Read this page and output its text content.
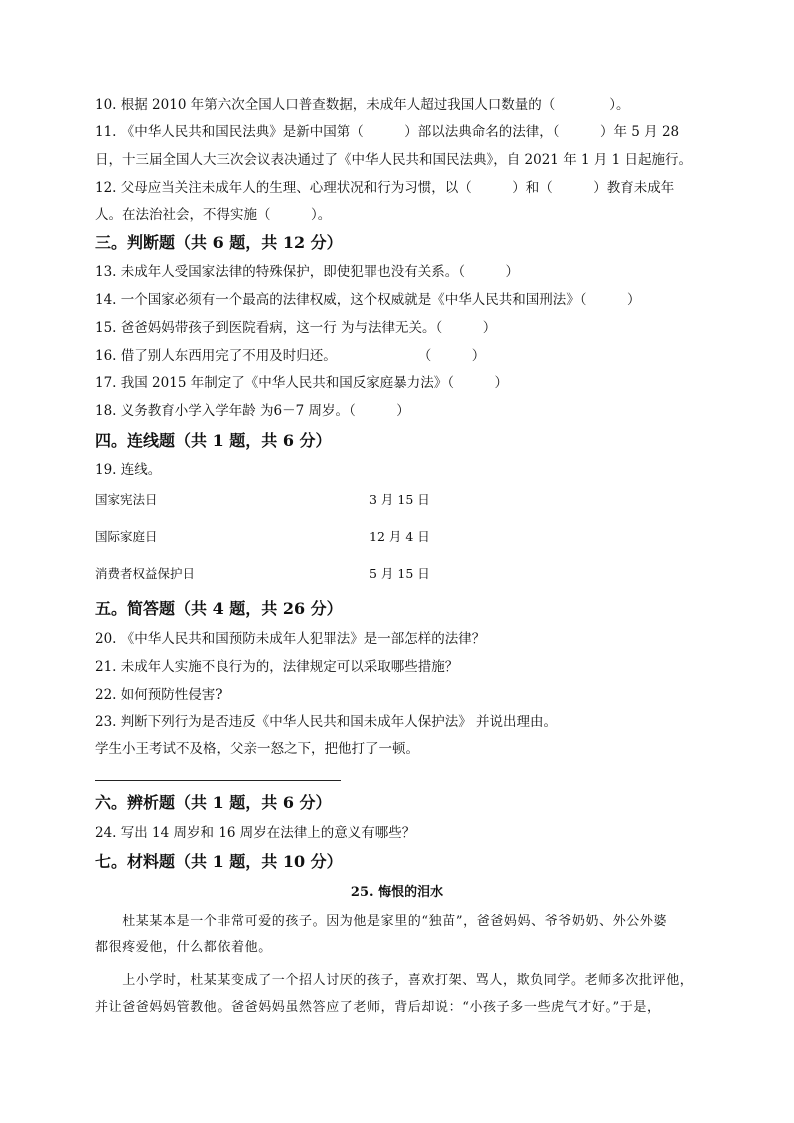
10. 根据 2010 年第六次全国人口普查数据，未成年人超过我国人口数量的（　　　　）。
11. 《中华人民共和国民法典》是新中国第（　　　）部以法典命名的法律，（　　　）年 5 月 28
日，十三届全国人大三次会议表决通过了《中华人民共和国民法典》，自 2021 年 1 月 1 日起施行。
12. 父母应当关注未成年人的生理、心理状况和行为习惯，以（　　　）和（　　　）教育未成年
人。在法治社会，不得实施（　　　）。
三。判断题（共 6 题，共 12 分）
13. 未成年人受国家法律的特殊保护，即使犯罪也没有关系。（　　　）
14. 一个国家必须有一个最高的法律权威，这个权威就是《中华人民共和国刑法》（　　　）
15. 爸爸妈妈带孩子到医院看病，这一行 为与法律无关。（　　　）
16. 借了别人东西用完了不用及时归还。　　　　　　　（　　　）
17. 我国 2015 年制定了《中华人民共和国反家庭暴力法》（　　　）
18. 义务教育小学入学年龄 为6－7 周岁。（　　　）
四。连线题（共 1 题，共 6 分）
19. 连线。
国家宪法日	3 月 15 日
国际家庭日	12 月 4 日
消费者权益保护日	5 月 15 日
五。简答题（共 4 题，共 26 分）
20. 《中华人民共和国预防未成年人犯罪法》是一部怎样的法律？
21. 未成年人实施不良行为的，法律规定可以采取哪些措施？
22. 如何预防性侵害?
23. 判断下列行为是否违反《中华人民共和国未成年人保护法》 并说出理由。
学生小王考试不及格，父亲一怒之下，把他打了一顿。
六。辨析题（共 1 题，共 6 分）
24. 写出 14 周岁和 16 周岁在法律上的意义有哪些？
七。材料题（共 1 题，共 10 分）
25. 悔恨的泪水
　　杜某某本是一个非常可爱的孩子。因为他是家里的“独苗”，爸爸妈妈、爷爷奶奶、外公外婆
都很疼爱他，什么都依着他。
　　上小学时，杜某某变成了一个招人讨厌的孩子，喜欢打架、骂人，欺负同学。老师多次批评他，
并让爸爸妈妈管教他。爸爸妈妈虽然答应了老师，背后却说：“小孩子多一些虎气才好。”于是，
